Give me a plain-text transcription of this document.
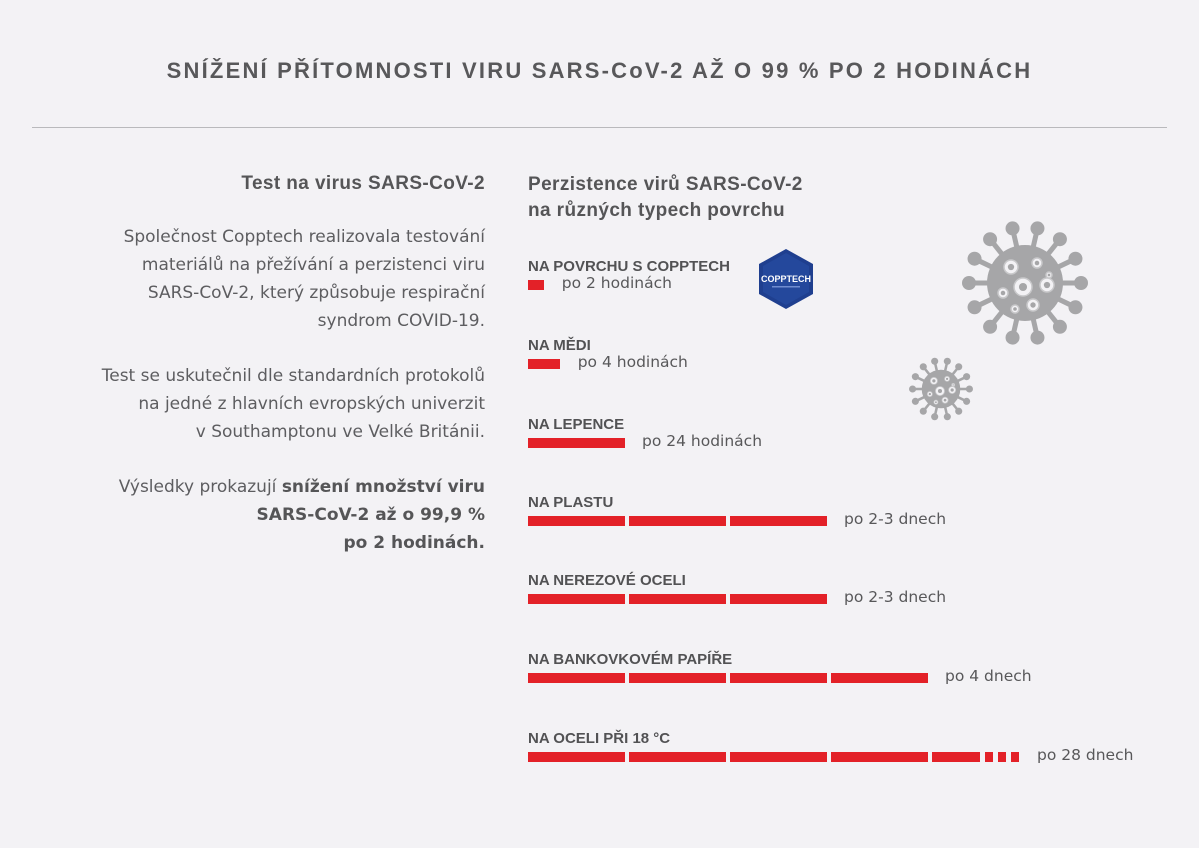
SNÍŽENÍ PŘÍTOMNOSTI VIRU SARS-CoV-2 AŽ O 99 % PO 2 HODINÁCH
Test na virus SARS-CoV-2

Společnost Copptech realizovala testování
materiálů na přežívání a perzistenci viru
SARS-CoV-2, který způsobuje respirační
syndrom COVID-19.

Test se uskutečnil dle standardních protokolů
na jedné z hlavních evropských univerzit
v Southamptonu ve Velké Británii.

Výsledky prokazují snížení množství viru
SARS-CoV-2 až o 99,9 %
po 2 hodinách.

Perzistence virů SARS-CoV-2
na různých typech povrchu
NA POVRCHU S COPPTECH
po 2 hodinách
NA MĚDI
po 4 hodinách
NA LEPENCE
po 24 hodinách
NA PLASTU
po 2-3 dnech
NA NEREZOVÉ OCELI
po 2-3 dnech
NA BANKOVKOVÉM PAPÍŘE
po 4 dnech
NA OCELI PŘI 18 °C
po 28 dnech
COPPTECH
